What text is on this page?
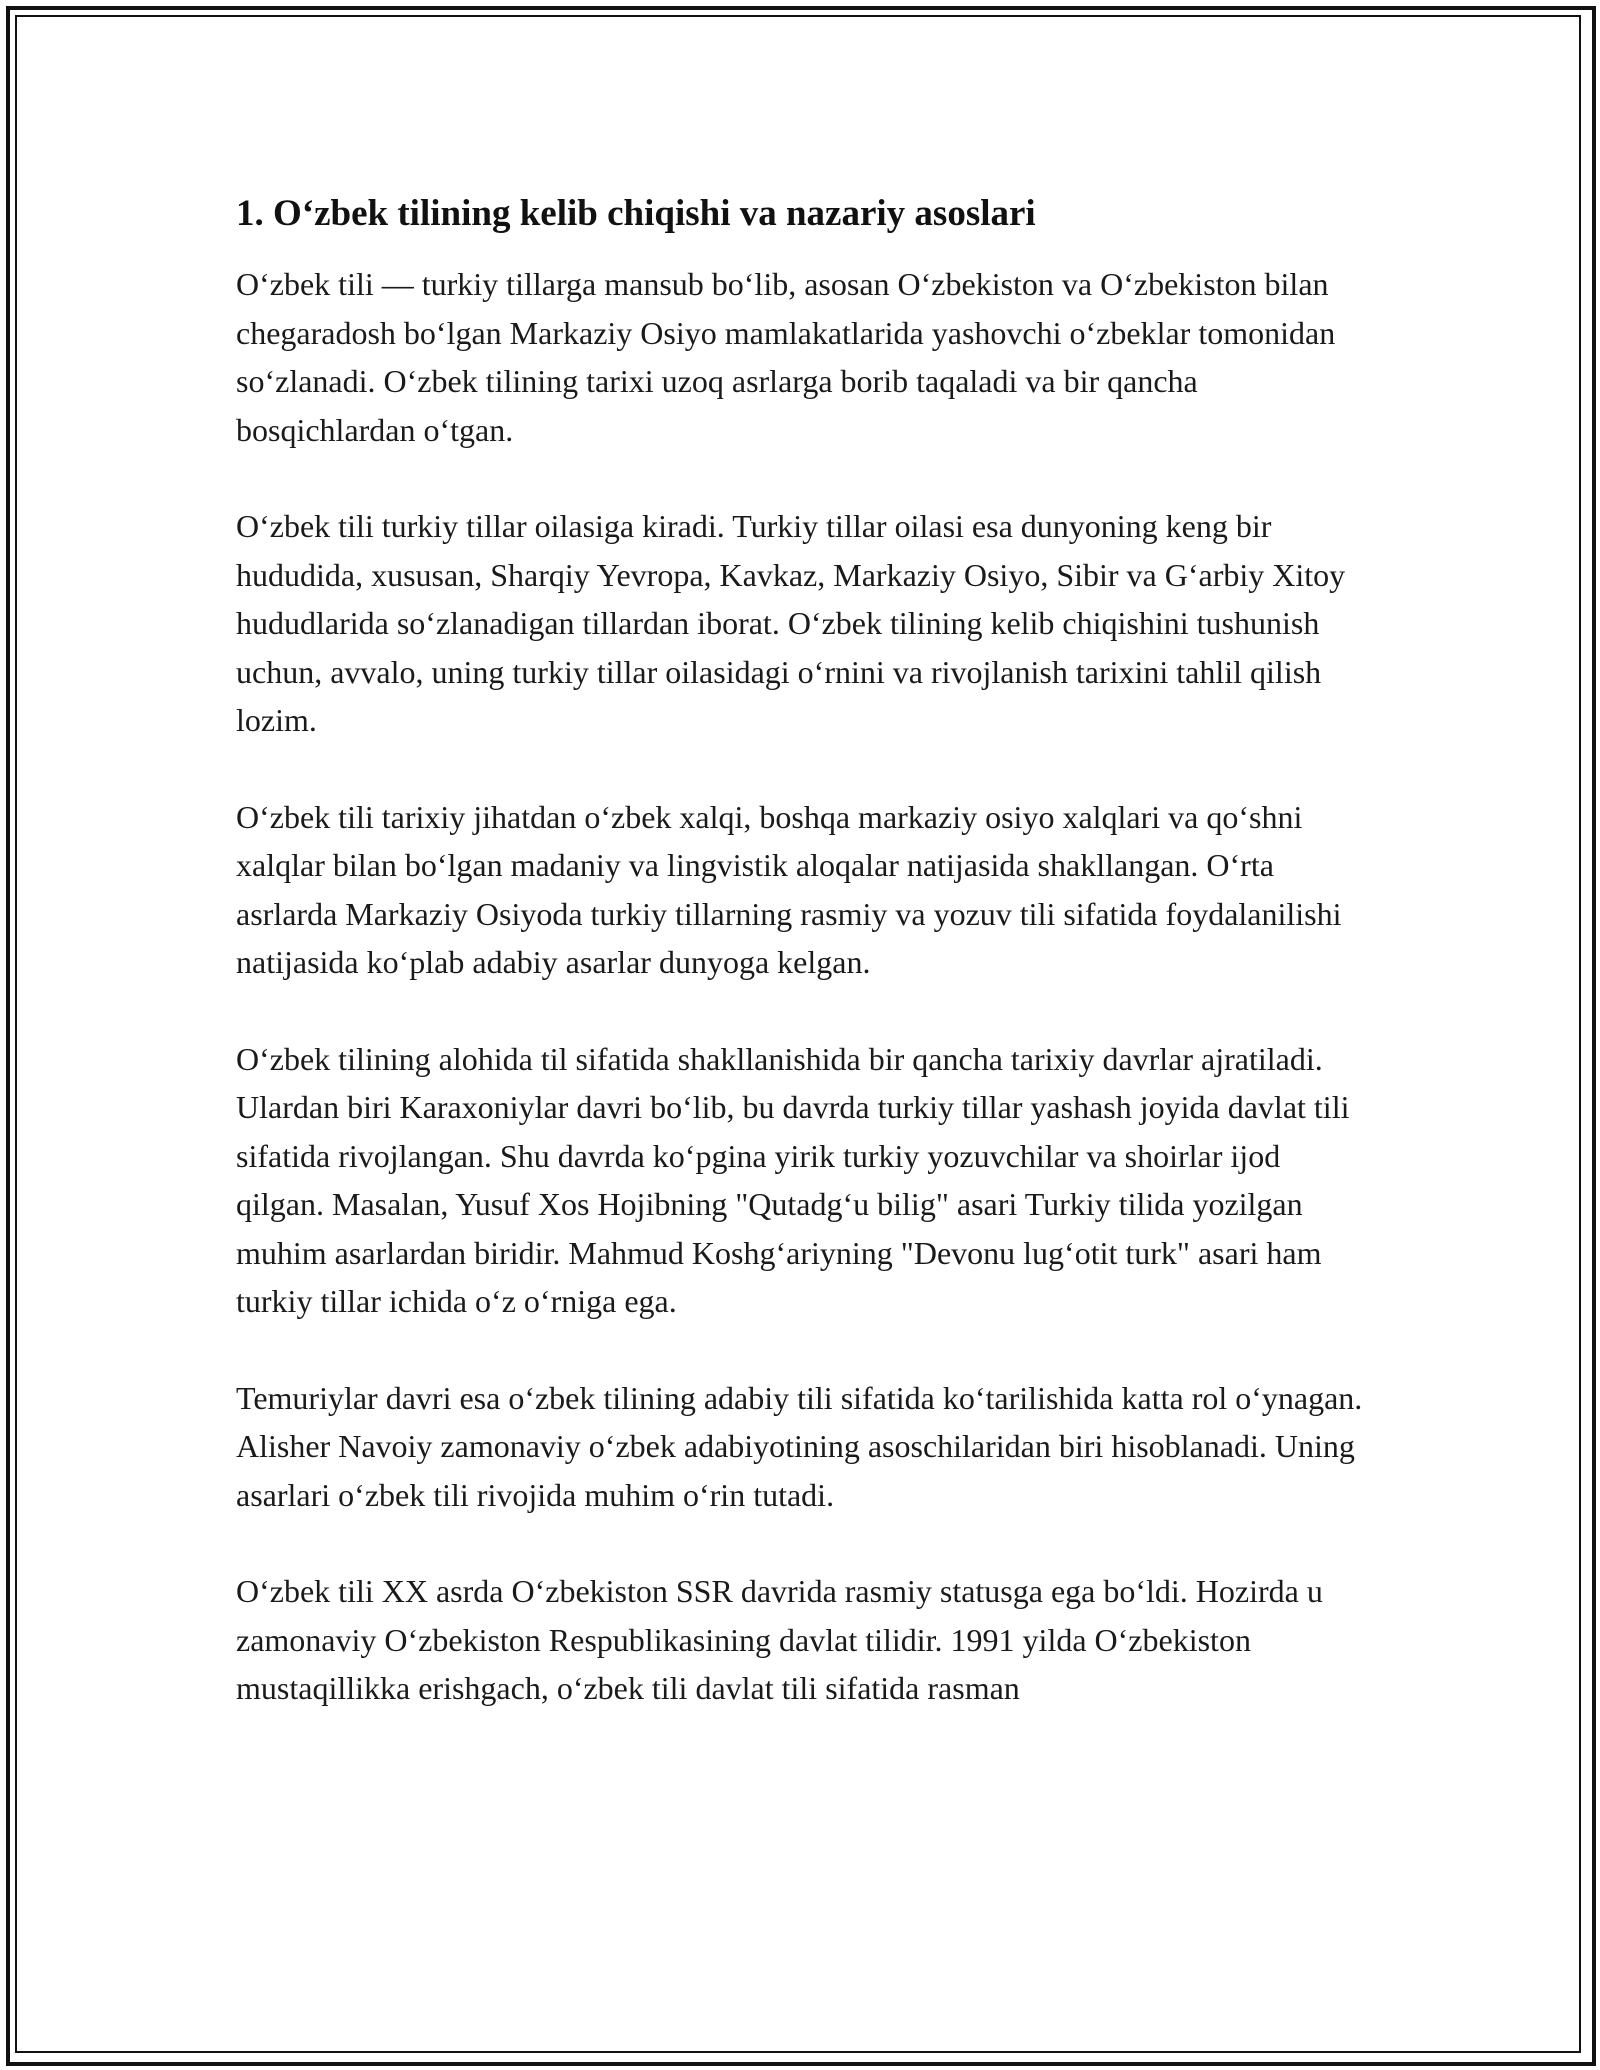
1. O‘zbek tilining kelib chiqishi va nazariy asoslari

O‘zbek tili — turkiy tillarga mansub bo‘lib, asosan O‘zbekiston va O‘zbekiston bilan chegaradosh bo‘lgan Markaziy Osiyo mamlakatlarida yashovchi o‘zbeklar tomonidan so‘zlanadi. O‘zbek tilining tarixi uzoq asrlarga borib taqaladi va bir qancha bosqichlardan o‘tgan.

O‘zbek tili turkiy tillar oilasiga kiradi. Turkiy tillar oilasi esa dunyoning keng bir hududida, xususan, Sharqiy Yevropa, Kavkaz, Markaziy Osiyo, Sibir va G‘arbiy Xitoy hududlarida so‘zlanadigan tillardan iborat. O‘zbek tilining kelib chiqishini tushunish uchun, avvalo, uning turkiy tillar oilasidagi o‘rnini va rivojlanish tarixini tahlil qilish lozim.

O‘zbek tili tarixiy jihatdan o‘zbek xalqi, boshqa markaziy osiyo xalqlari va qo‘shni xalqlar bilan bo‘lgan madaniy va lingvistik aloqalar natijasida shakllangan. O‘rta asrlarda Markaziy Osiyoda turkiy tillarning rasmiy va yozuv tili sifatida foydalanilishi natijasida ko‘plab adabiy asarlar dunyoga kelgan.

O‘zbek tilining alohida til sifatida shakllanishida bir qancha tarixiy davrlar ajratiladi. Ulardan biri Karaxoniylar davri bo‘lib, bu davrda turkiy tillar yashash joyida davlat tili sifatida rivojlangan. Shu davrda ko‘pgina yirik turkiy yozuvchilar va shoirlar ijod qilgan. Masalan, Yusuf Xos Hojibning "Qutadg‘u bilig" asari Turkiy tilida yozilgan muhim asarlardan biridir. Mahmud Koshg‘ariyning "Devonu lug‘otit turk" asari ham turkiy tillar ichida o‘z o‘rniga ega.

Temuriylar davri esa o‘zbek tilining adabiy tili sifatida ko‘tarilishida katta rol o‘ynagan. Alisher Navoiy zamonaviy o‘zbek adabiyotining asoschilaridan biri hisoblanadi. Uning asarlari o‘zbek tili rivojida muhim o‘rin tutadi.

O‘zbek tili XX asrda O‘zbekiston SSR davrida rasmiy statusga ega bo‘ldi. Hozirda u zamonaviy O‘zbekiston Respublikasining davlat tilidir. 1991 yilda O‘zbekiston mustaqillikka erishgach, o‘zbek tili davlat tili sifatida rasman
